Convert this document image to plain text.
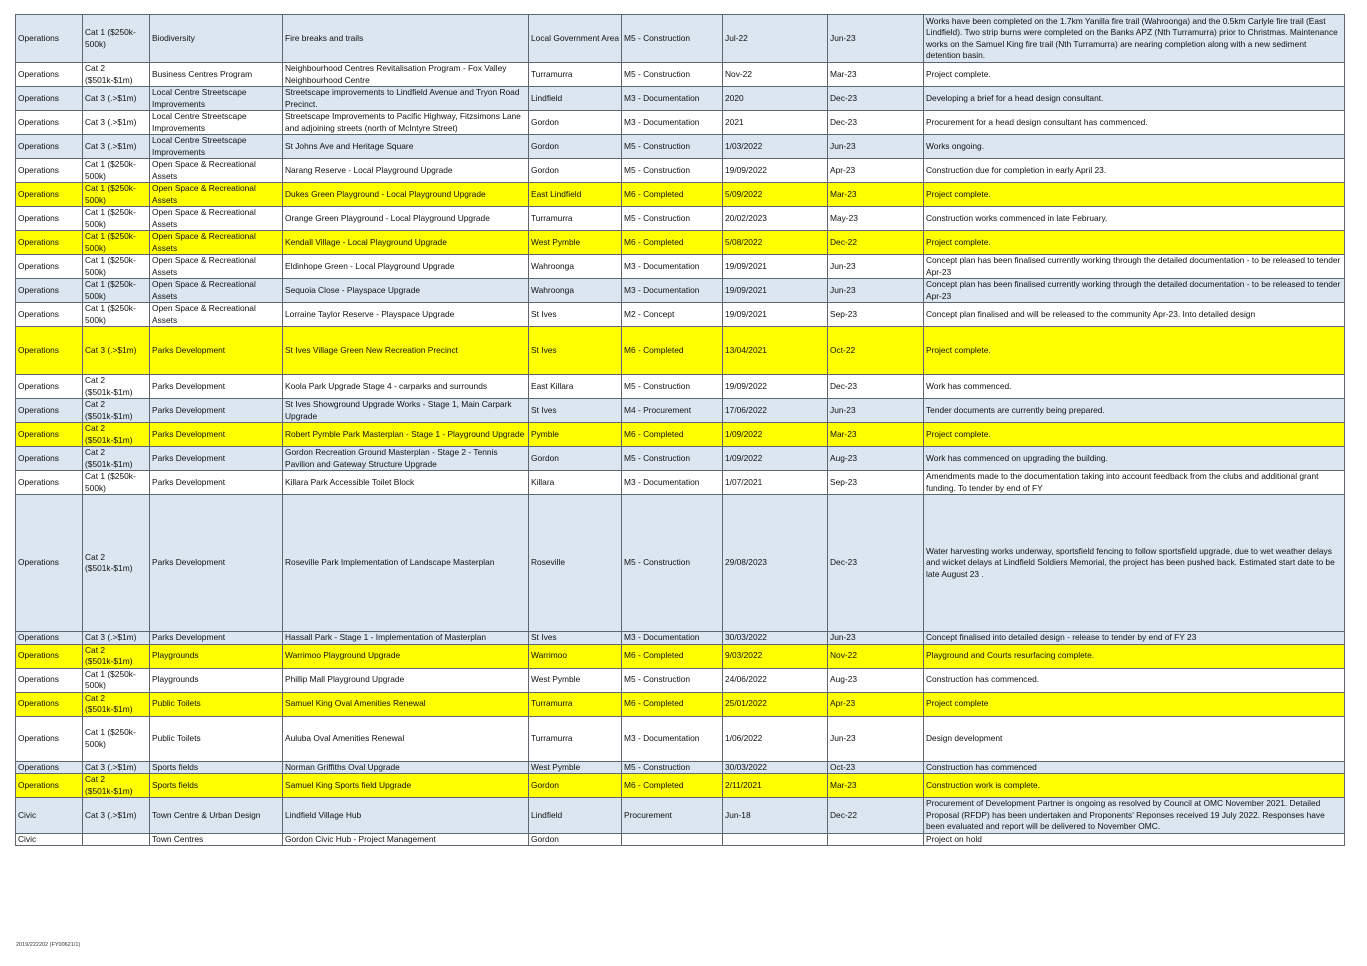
Operations	Cat 1 ($250k-500k)	Biodiversity	Fire breaks and trails	Local Government Area	M5 - Construction	Jul-22	Jun-23	Works have been completed on the 1.7km Yanilla fire trail (Wahroonga) and the 0.5km Carlyle fire trail (East Lindfield). Two strip burns were completed on the Banks APZ (Nth Turramurra) prior to Christmas. Maintenance works on the Samuel King fire trail (Nth Turramurra) are nearing completion along with a new sediment detention basin.
Operations	Cat 2 ($501k-$1m)	Business Centres Program	Neighbourhood Centres Revitalisation Program - Fox Valley Neighbourhood Centre	Turramurra	M5 - Construction	Nov-22	Mar-23	Project complete.
Operations	Cat 3 (.>$1m)	Local Centre Streetscape Improvements	Streetscape improvements to Lindfield Avenue and Tryon Road Precinct.	Lindfield	M3 - Documentation	2020	Dec-23	Developing a brief for a head design consultant.
Operations	Cat 3 (.>$1m)	Local Centre Streetscape Improvements	Streetscape Improvements to Pacific Highway, Fitzsimons Lane and adjoining streets (north of McIntyre Street)	Gordon	M3 - Documentation	2021	Dec-23	Procurement for a head design consultant has commenced.
Operations	Cat 3 (.>$1m)	Local Centre Streetscape Improvements	St Johns Ave and Heritage Square	Gordon	M5 - Construction	1/03/2022	Jun-23	Works ongoing.
Operations	Cat 1 ($250k-500k)	Open Space & Recreational Assets	Narang Reserve - Local Playground Upgrade	Gordon	M5 - Construction	19/09/2022	Apr-23	Construction due for completion in early April 23.
Operations	Cat 1 ($250k-500k)	Open Space & Recreational Assets	Dukes Green Playground - Local Playground Upgrade	East Lindfield	M6 - Completed	5/09/2022	Mar-23	Project complete.
Operations	Cat 1 ($250k-500k)	Open Space & Recreational Assets	Orange Green Playground - Local Playground Upgrade	Turramurra	M5 - Construction	20/02/2023	May-23	Construction works commenced in late February.
Operations	Cat 1 ($250k-500k)	Open Space & Recreational Assets	Kendall Village - Local Playground Upgrade	West Pymble	M6 - Completed	5/08/2022	Dec-22	Project complete.
Operations	Cat 1 ($250k-500k)	Open Space & Recreational Assets	Eldinhope Green - Local Playground Upgrade	Wahroonga	M3 - Documentation	19/09/2021	Jun-23	Concept plan has been finalised currently working through the detailed documentation - to be released to tender Apr-23
Operations	Cat 1 ($250k-500k)	Open Space & Recreational Assets	Sequoia Close - Playspace Upgrade	Wahroonga	M3 - Documentation	19/09/2021	Jun-23	Concept plan has been finalised currently working through the detailed documentation - to be released to tender Apr-23
Operations	Cat 1 ($250k-500k)	Open Space & Recreational Assets	Lorraine Taylor Reserve - Playspace Upgrade	St Ives	M2 - Concept	19/09/2021	Sep-23	Concept plan finalised and will be released to the community Apr-23. Into detailed design
Operations	Cat 3 (.>$1m)	Parks Development	St Ives Village Green New Recreation Precinct	St Ives	M6 - Completed	13/04/2021	Oct-22	Project complete.
Operations	Cat 2 ($501k-$1m)	Parks Development	Koola Park Upgrade Stage 4 - carparks and surrounds	East Killara	M5 - Construction	19/09/2022	Dec-23	Work has commenced.
Operations	Cat 2 ($501k-$1m)	Parks Development	St Ives Showground Upgrade Works - Stage 1, Main Carpark Upgrade	St Ives	M4 - Procurement	17/06/2022	Jun-23	Tender documents are currently being prepared.
Operations	Cat 2 ($501k-$1m)	Parks Development	Robert Pymble Park Masterplan - Stage 1 - Playground Upgrade	Pymble	M6 - Completed	1/09/2022	Mar-23	Project complete.
Operations	Cat 2 ($501k-$1m)	Parks Development	Gordon Recreation Ground Masterplan - Stage 2 - Tennis Pavilion and Gateway Structure Upgrade	Gordon	M5 - Construction	1/09/2022	Aug-23	Work has commenced on upgrading the building.
Operations	Cat 1 ($250k-500k)	Parks Development	Killara Park Accessible Toilet Block	Killara	M3 - Documentation	1/07/2021	Sep-23	Amendments made to the documentation taking into account feedback from the clubs and additional grant funding. To tender by end of FY
Operations	Cat 2 ($501k-$1m)	Parks Development	Roseville Park Implementation of Landscape Masterplan	Roseville	M5 - Construction	29/08/2023	Dec-23	Water harvesting works underway, sportsfield fencing to follow sportsfield upgrade, due to wet weather delays and wicket delays at Lindfield Soldiers Memorial, the project has been pushed back. Estimated start date to be late August 23 .
Operations	Cat 3 (.>$1m)	Parks Development	Hassall Park - Stage 1 - Implementation of Masterplan	St Ives	M3 - Documentation	30/03/2022	Jun-23	Concept finalised into detailed design - release to tender by end of FY 23
Operations	Cat 2 ($501k-$1m)	Playgrounds	Warrimoo Playground Upgrade	Warrimoo	M6 - Completed	9/03/2022	Nov-22	Playground and Courts resurfacing complete.
Operations	Cat 1 ($250k-500k)	Playgrounds	Phillip Mall Playground Upgrade	West Pymble	M5 - Construction	24/06/2022	Aug-23	Construction has commenced.
Operations	Cat 2 ($501k-$1m)	Public Toilets	Samuel King Oval Amenities Renewal	Turramurra	M6 - Completed	25/01/2022	Apr-23	Project complete
Operations	Cat 1 ($250k-500k)	Public Toilets	Auluba Oval Amenities Renewal	Turramurra	M3 - Documentation	1/06/2022	Jun-23	Design development
Operations	Cat 3 (.>$1m)	Sports fields	Norman Griffiths Oval Upgrade	West Pymble	M5 - Construction	30/03/2022	Oct-23	Construction has commenced
Operations	Cat 2 ($501k-$1m)	Sports fields	Samuel King Sports field Upgrade	Gordon	M6 - Completed	2/11/2021	Mar-23	Construction work is complete.
Civic	Cat 3 (.>$1m)	Town Centre & Urban Design	Lindfield Village Hub	Lindfield	Procurement	Jun-18	Dec-22	Procurement of Development Partner is ongoing as resolved by Council at OMC November 2021. Detailed Proposal (RFDP) has been undertaken and Proponents' Reponses received 19 July 2022. Responses have been evaluated and report will be delivered to November OMC.
Civic		Town Centres	Gordon Civic Hub - Project Management	Gordon				Project on hold
2019/222202 (FY00621/1)
